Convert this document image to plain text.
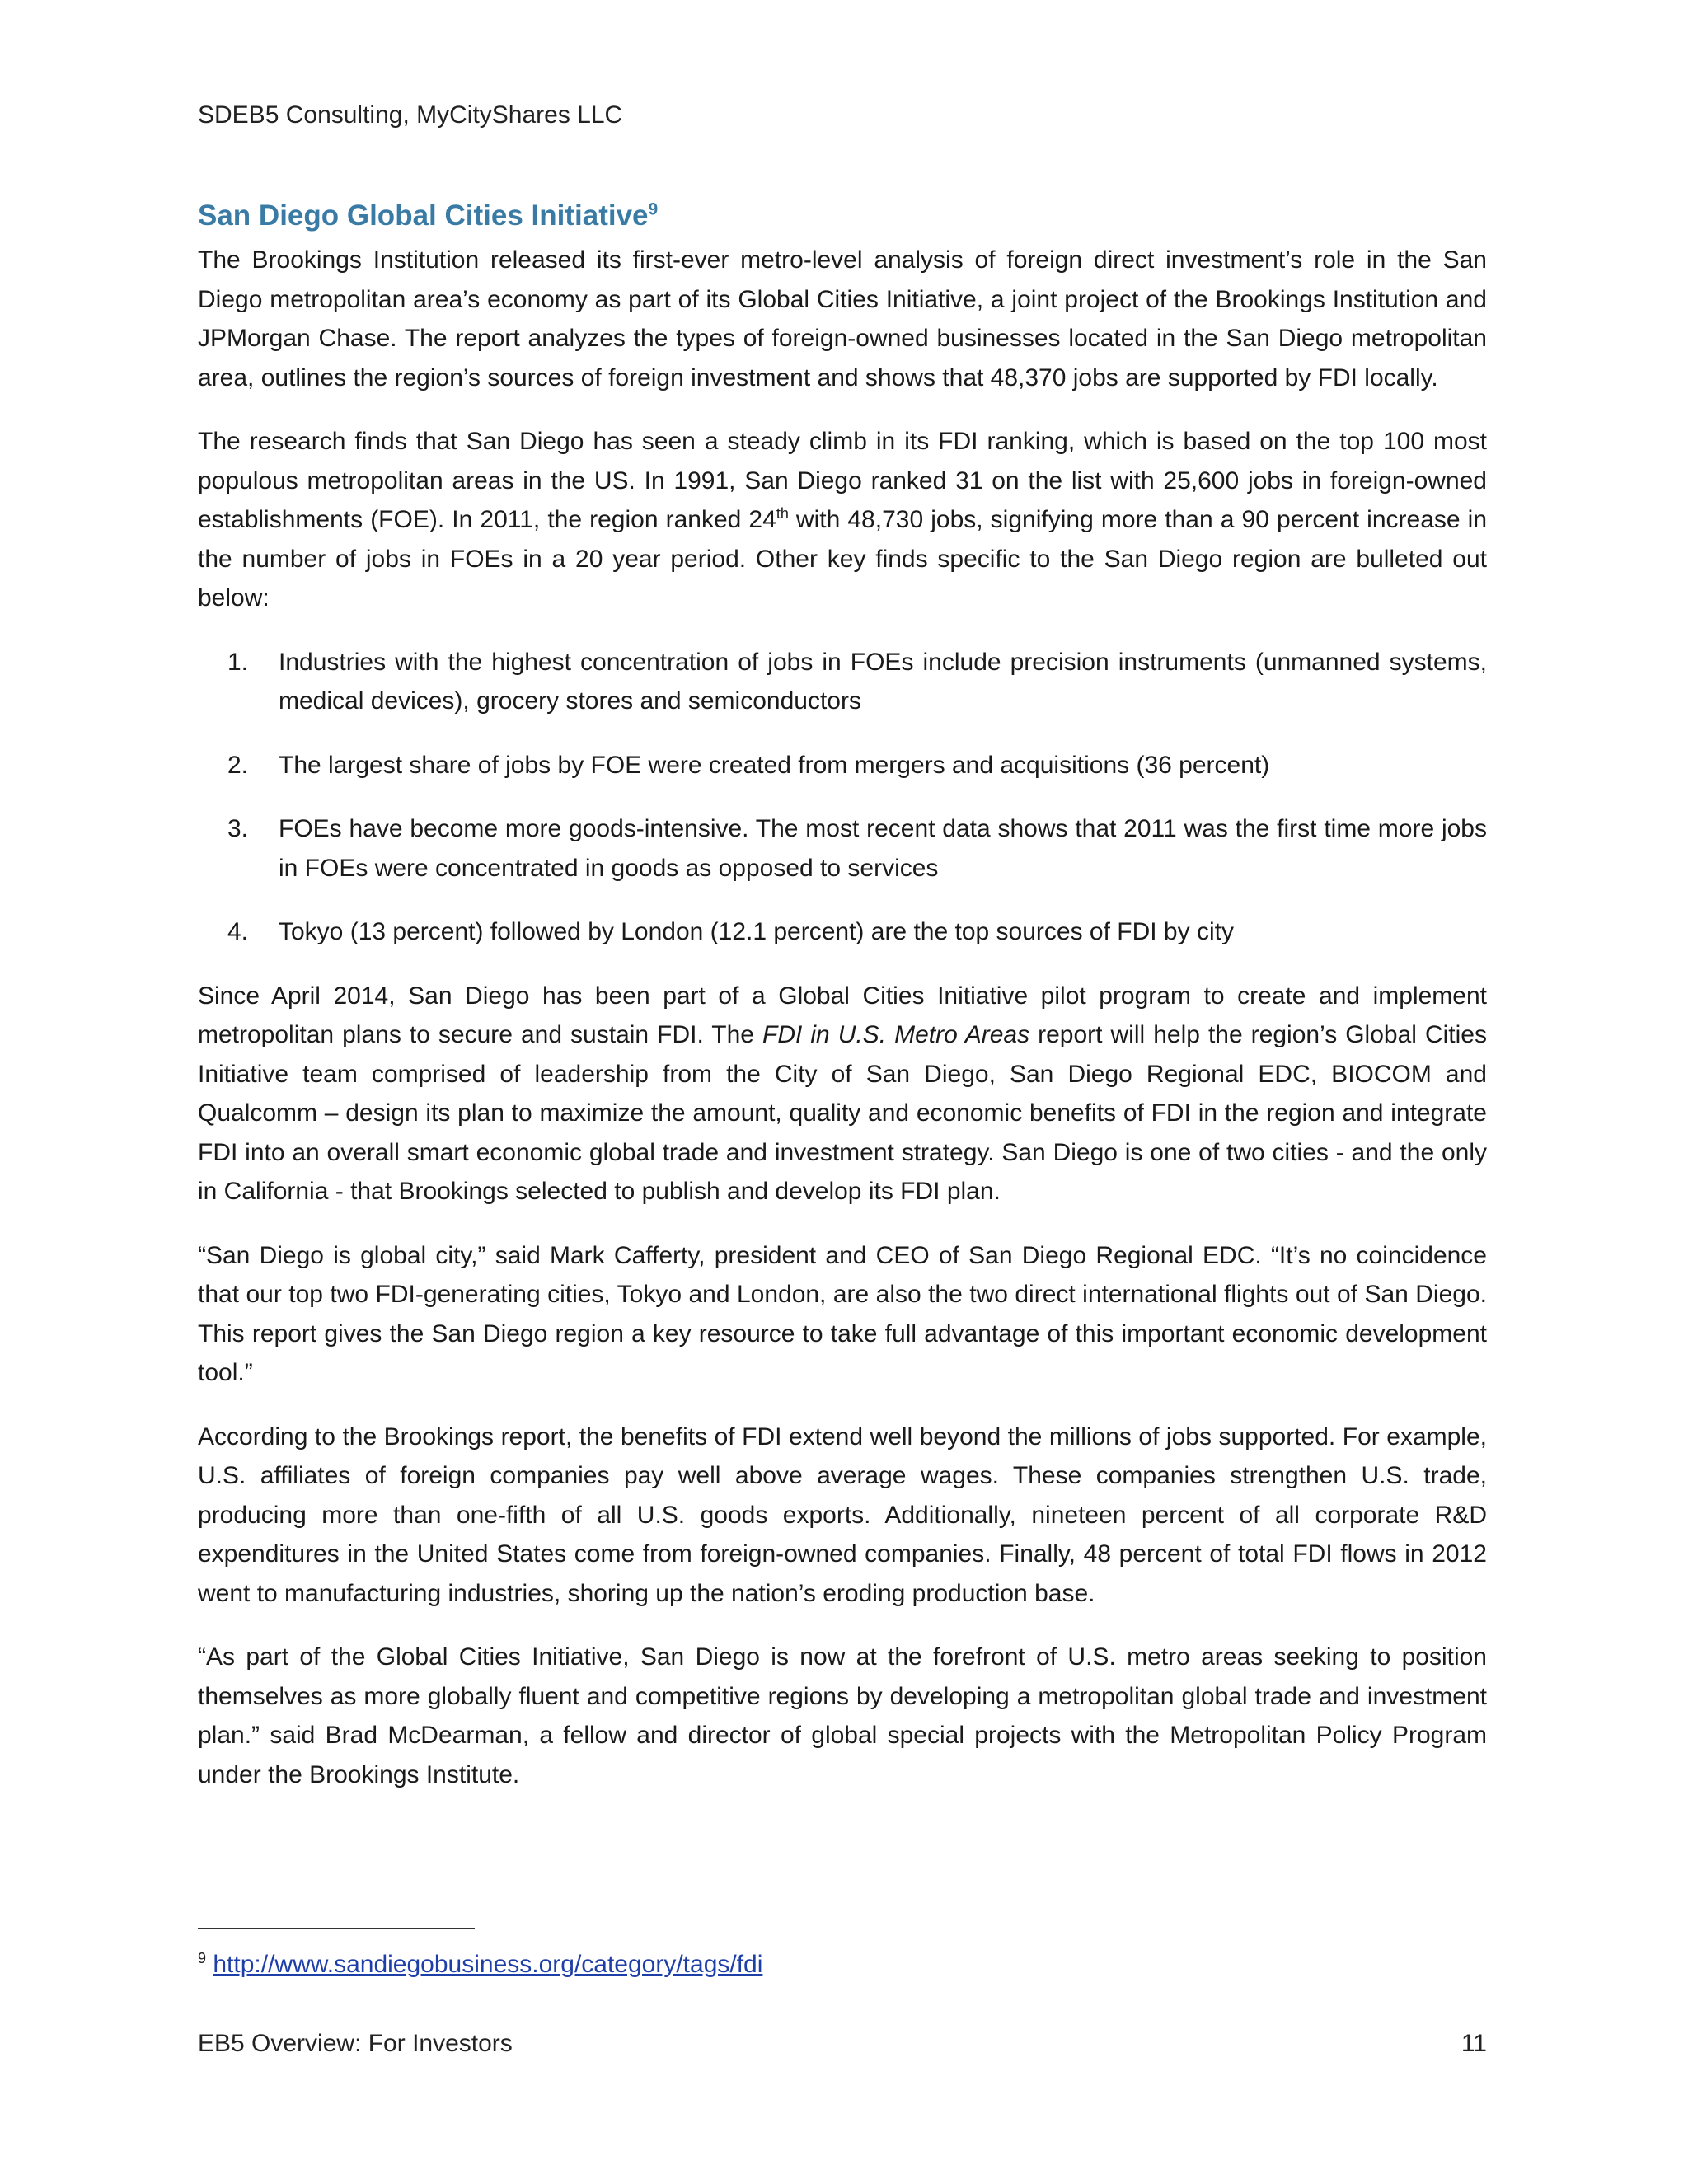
SDEB5 Consulting, MyCityShares LLC
San Diego Global Cities Initiative$^9$

The Brookings Institution released its first-ever metro-level analysis of foreign direct investment’s role in the San Diego metropolitan area’s economy as part of its Global Cities Initiative, a joint project of the Brookings Institution and JPMorgan Chase. The report analyzes the types of foreign-owned businesses located in the San Diego metropolitan area, outlines the region’s sources of foreign investment and shows that 48,370 jobs are supported by FDI locally.

The research finds that San Diego has seen a steady climb in its FDI ranking, which is based on the top 100 most populous metropolitan areas in the US. In 1991, San Diego ranked 31 on the list with 25,600 jobs in foreign-owned establishments (FOE). In 2011, the region ranked 24th with 48,730 jobs, signifying more than a 90 percent increase in the number of jobs in FOEs in a 20 year period. Other key finds specific to the San Diego region are bulleted out below:

1. Industries with the highest concentration of jobs in FOEs include precision instruments (unmanned systems, medical devices), grocery stores and semiconductors
2. The largest share of jobs by FOE were created from mergers and acquisitions (36 percent)
3. FOEs have become more goods-intensive. The most recent data shows that 2011 was the first time more jobs in FOEs were concentrated in goods as opposed to services
4. Tokyo (13 percent) followed by London (12.1 percent) are the top sources of FDI by city

Since April 2014, San Diego has been part of a Global Cities Initiative pilot program to create and implement metropolitan plans to secure and sustain FDI. The FDI in U.S. Metro Areas report will help the region’s Global Cities Initiative team comprised of leadership from the City of San Diego, San Diego Regional EDC, BIOCOM and Qualcomm – design its plan to maximize the amount, quality and economic benefits of FDI in the region and integrate FDI into an overall smart economic global trade and investment strategy. San Diego is one of two cities - and the only in California - that Brookings selected to publish and develop its FDI plan.

“San Diego is global city,” said Mark Cafferty, president and CEO of San Diego Regional EDC. “It’s no coincidence that our top two FDI-generating cities, Tokyo and London, are also the two direct international flights out of San Diego. This report gives the San Diego region a key resource to take full advantage of this important economic development tool.”

According to the Brookings report, the benefits of FDI extend well beyond the millions of jobs supported. For example, U.S. affiliates of foreign companies pay well above average wages. These companies strengthen U.S. trade, producing more than one-fifth of all U.S. goods exports. Additionally, nineteen percent of all corporate R&D expenditures in the United States come from foreign-owned companies. Finally, 48 percent of total FDI flows in 2012 went to manufacturing industries, shoring up the nation’s eroding production base.

“As part of the Global Cities Initiative, San Diego is now at the forefront of U.S. metro areas seeking to position themselves as more globally fluent and competitive regions by developing a metropolitan global trade and investment plan.” said Brad McDearman, a fellow and director of global special projects with the Metropolitan Policy Program under the Brookings Institute.

$^9$ http://www.sandiegobusiness.org/category/tags/fdi
EB5 Overview: For Investors	11
